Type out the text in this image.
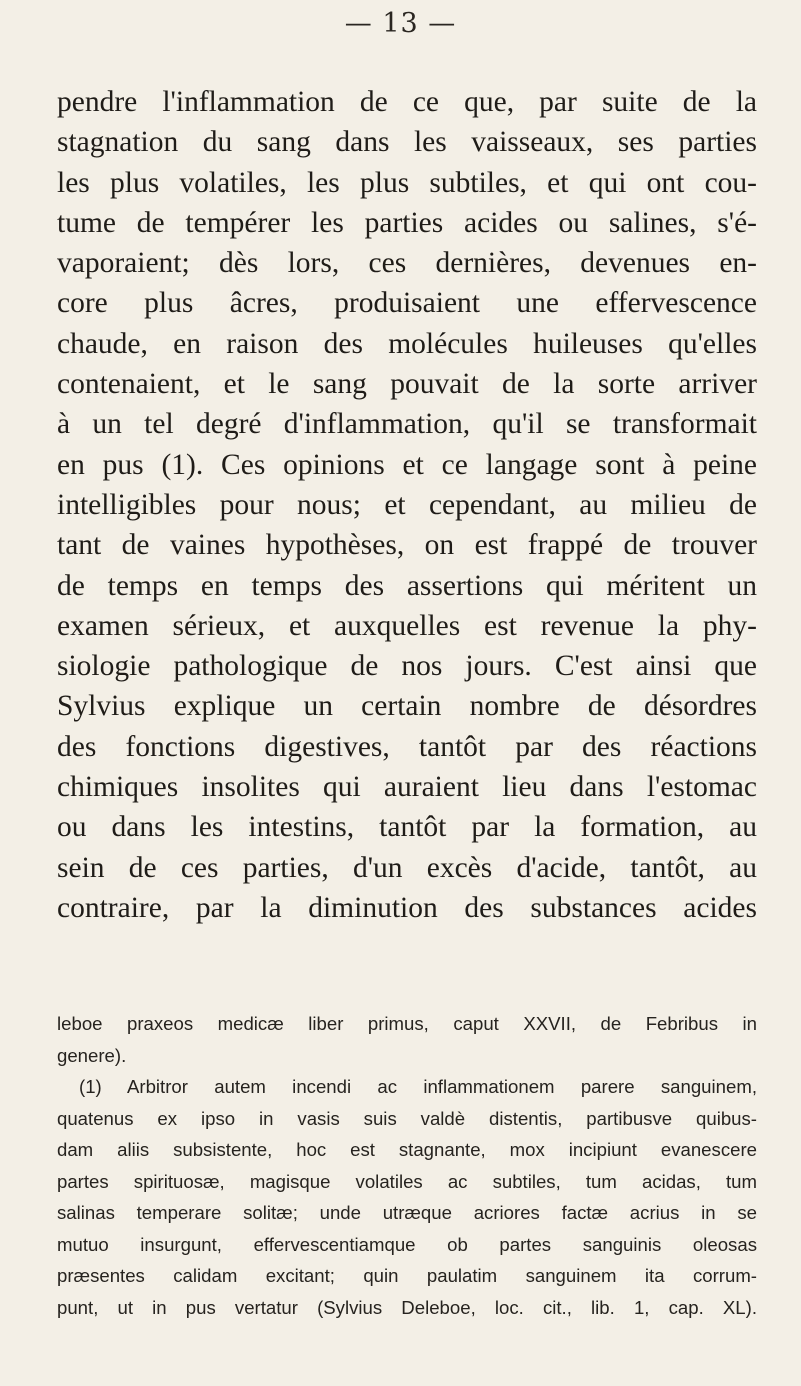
— 13 —
pendre l'inflammation de ce que, par suite de la
stagnation du sang dans les vaisseaux, ses parties
les plus volatiles, les plus subtiles, et qui ont cou-
tume de tempérer les parties acides ou salines, s'é-
vaporaient; dès lors, ces dernières, devenues en-
core plus âcres, produisaient une effervescence
chaude, en raison des molécules huileuses qu'elles
contenaient, et le sang pouvait de la sorte arriver
à un tel degré d'inflammation, qu'il se transformait
en pus (1). Ces opinions et ce langage sont à peine
intelligibles pour nous; et cependant, au milieu de
tant de vaines hypothèses, on est frappé de trouver
de temps en temps des assertions qui méritent un
examen sérieux, et auxquelles est revenue la phy-
siologie pathologique de nos jours. C'est ainsi que
Sylvius explique un certain nombre de désordres
des fonctions digestives, tantôt par des réactions
chimiques insolites qui auraient lieu dans l'estomac
ou dans les intestins, tantôt par la formation, au
sein de ces parties, d'un excès d'acide, tantôt, au
contraire, par la diminution des substances acides
leboe praxeos medicæ liber primus, caput XXVII, de Febribus in
genere).
(1) Arbitror autem incendi ac inflammationem parere sanguinem,
quatenus ex ipso in vasis suis valdè distentis, partibusve quibus-
dam aliis subsistente, hoc est stagnante, mox incipiunt evanescere
partes spirituosæ, magisque volatiles ac subtiles, tum acidas, tum
salinas temperare solitæ; unde utræque acriores factæ acrius in se
mutuo insurgunt, effervescentiamque ob partes sanguinis oleosas
præsentes calidam excitant; quin paulatim sanguinem ita corrum-
punt, ut in pus vertatur (Sylvius Deleboe, loc. cit., lib. 1, cap. XL).
